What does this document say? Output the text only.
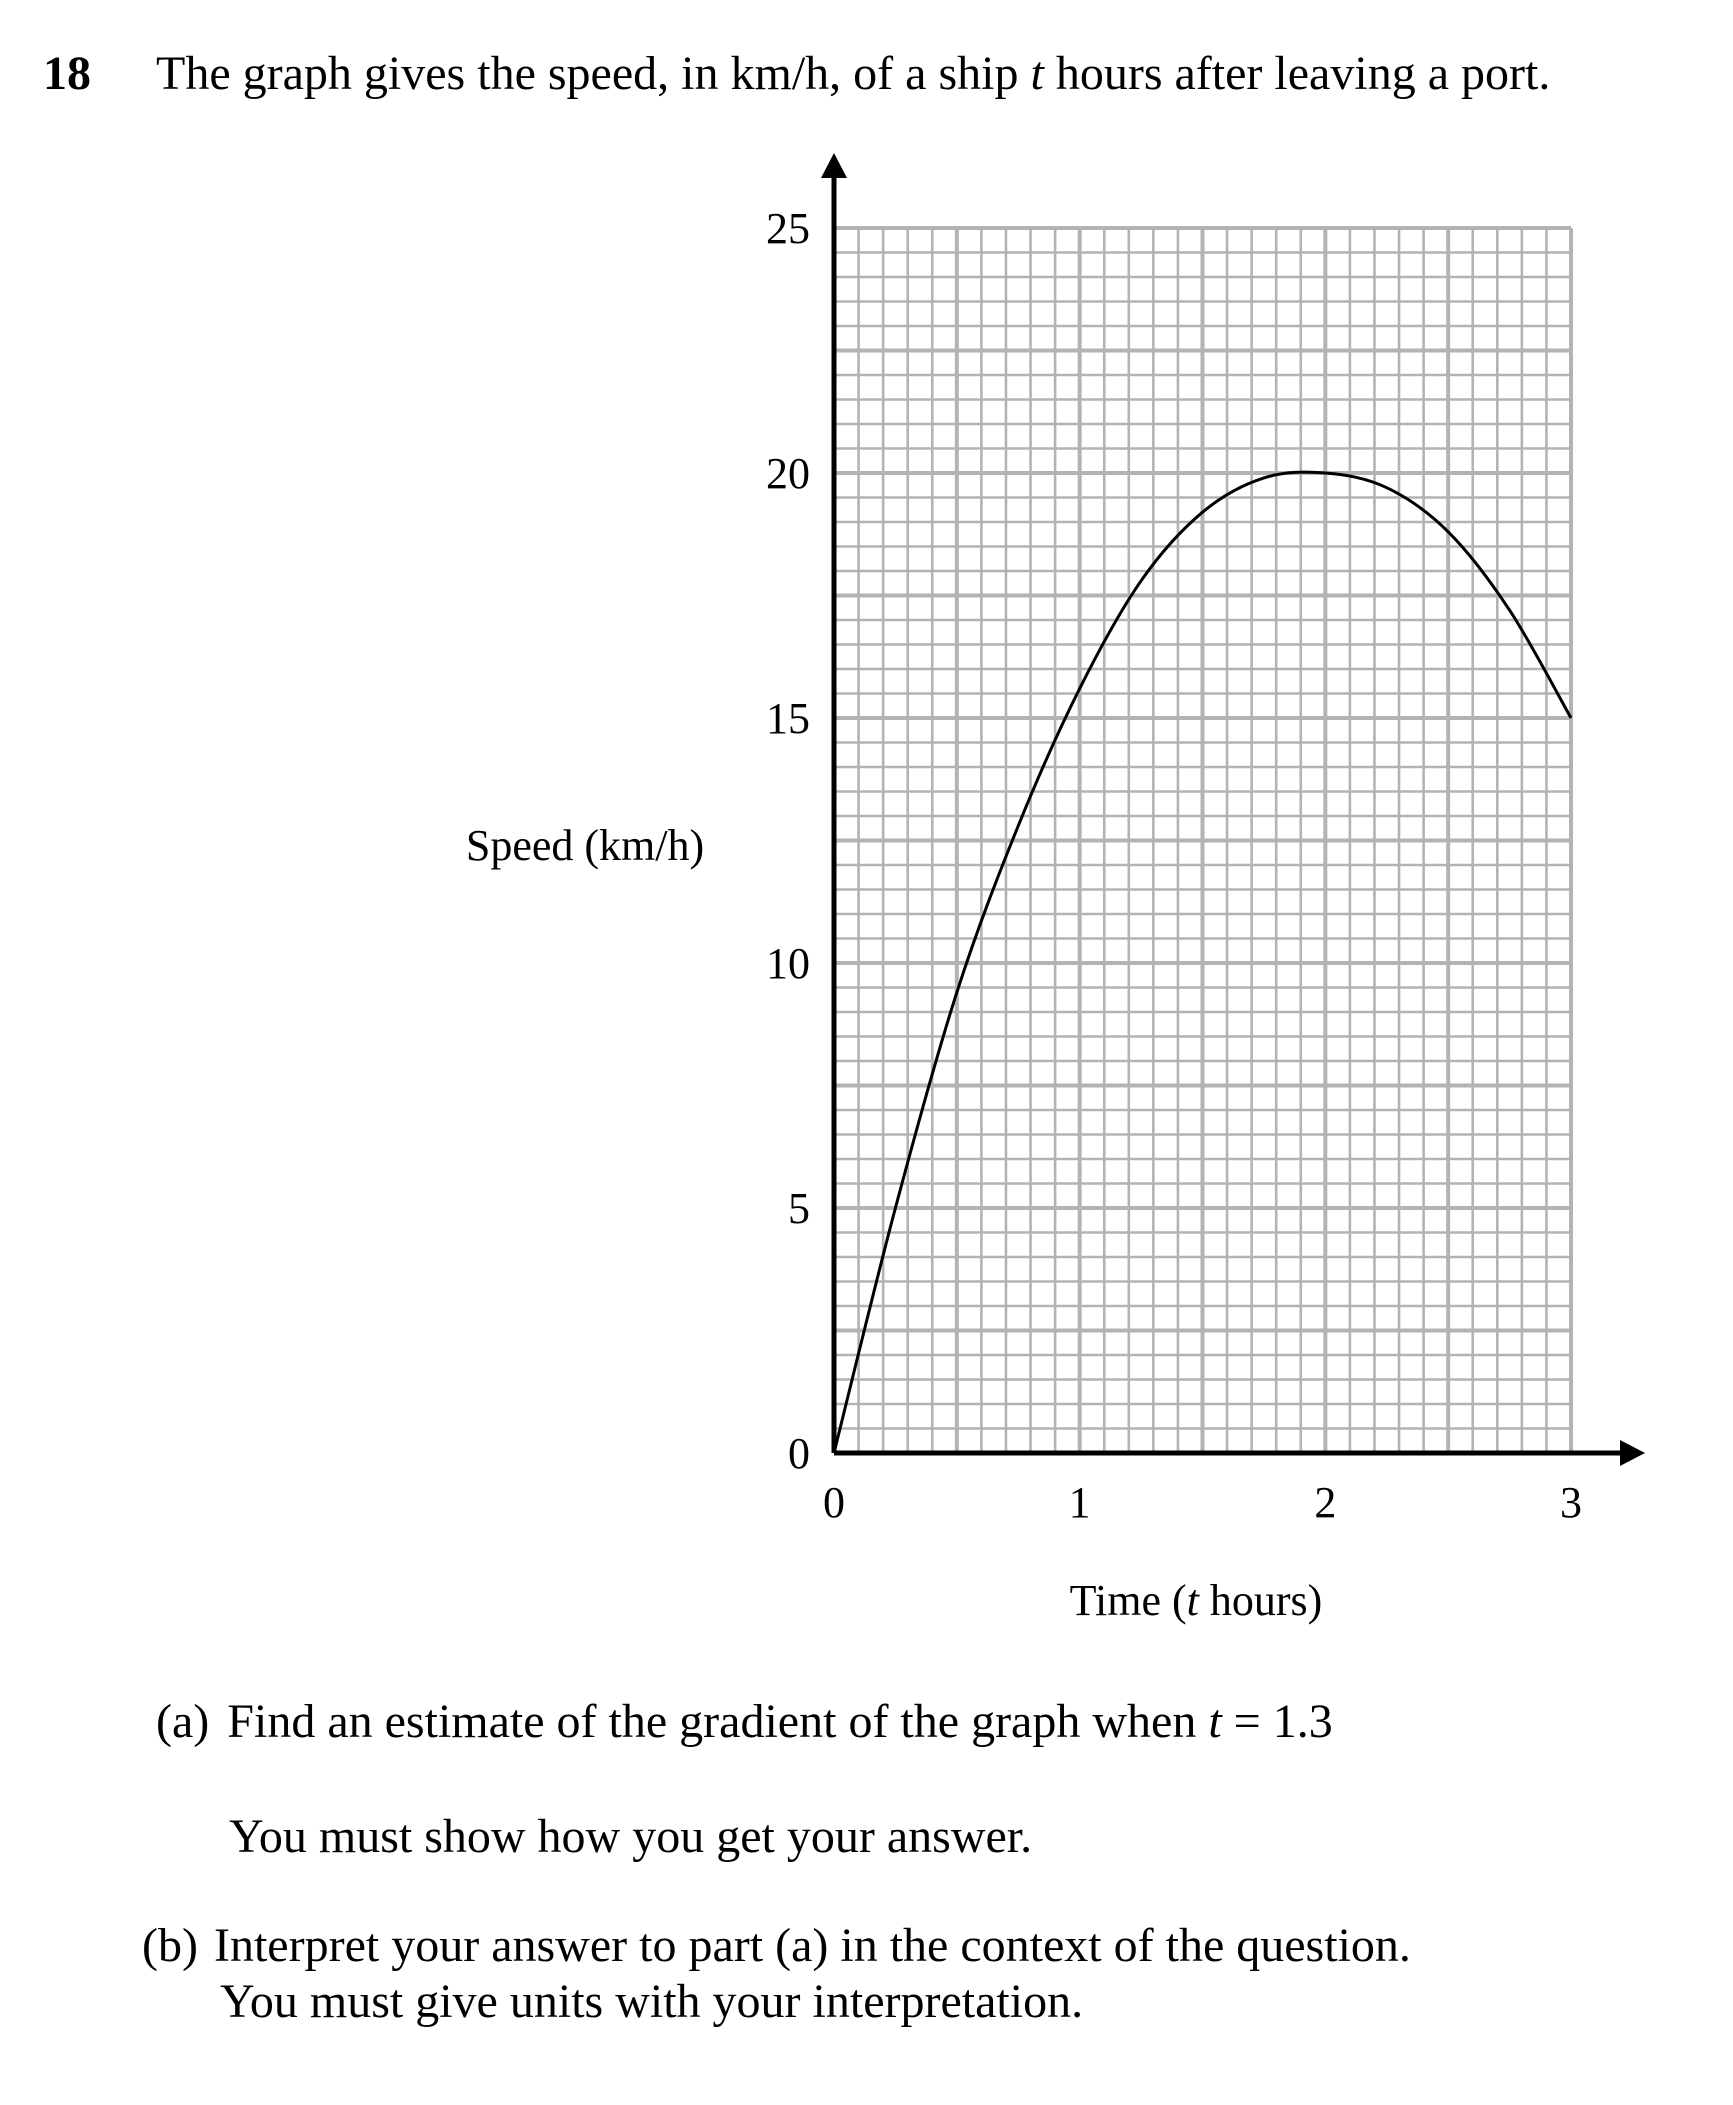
18 The graph gives the speed, in km/h, of a ship t hours after leaving a port.
0
5
10
15
20
25
0	1	2	3
Speed (km/h)
Time (t hours)
(a) Find an estimate of the gradient of the graph when t = 1.3
You must show how you get your answer.
(b) Interpret your answer to part (a) in the context of the question.
You must give units with your interpretation.
